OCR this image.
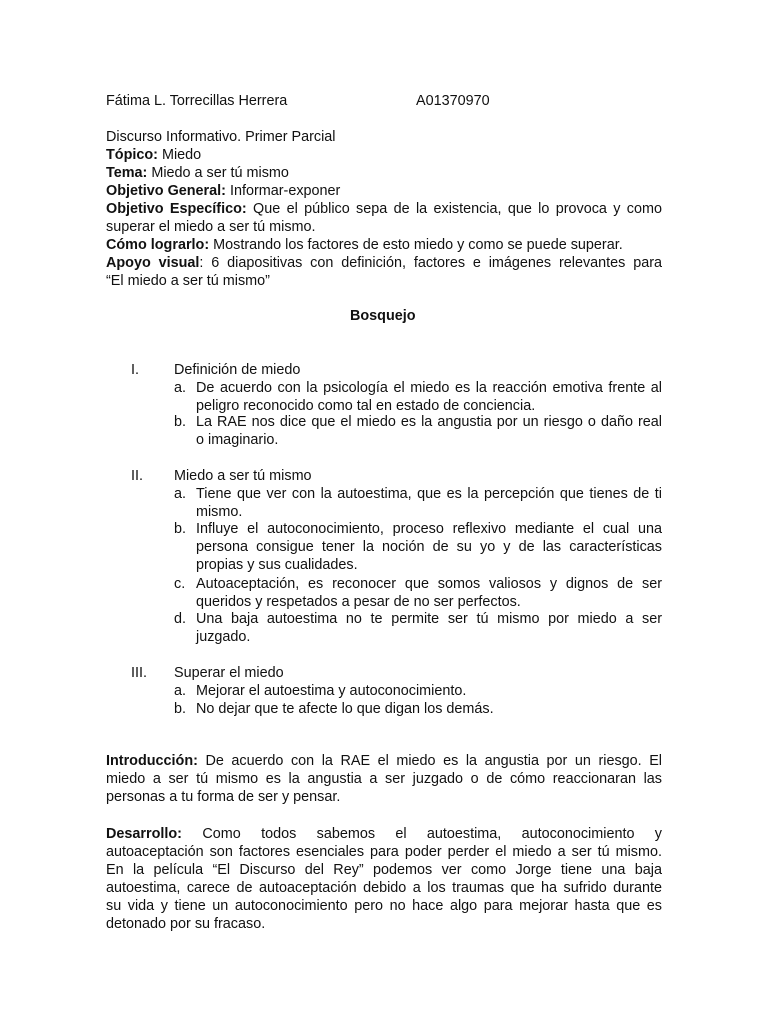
Fátima L. Torrecillas Herrera	A01370970
Discurso Informativo. Primer Parcial
Tópico: Miedo
Tema: Miedo a ser tú mismo
Objetivo General: Informar-exponer
Objetivo Específico: Que el público sepa de la existencia, que lo provoca y como
superar el miedo a ser tú mismo.
Cómo lograrlo: Mostrando los factores de esto miedo y como se puede superar.
Apoyo visual: 6 diapositivas con definición, factores e imágenes relevantes para
“El miedo a ser tú mismo”
Bosquejo
I. Definición de miedo
a. De acuerdo con la psicología el miedo es la reacción emotiva frente al
peligro reconocido como tal en estado de conciencia.
b. La RAE nos dice que el miedo es la angustia por un riesgo o daño real
o imaginario.
II. Miedo a ser tú mismo
a. Tiene que ver con la autoestima, que es la percepción que tienes de ti
mismo.
b. Influye el autoconocimiento, proceso reflexivo mediante el cual una
persona consigue tener la noción de su yo y de las características
propias y sus cualidades.
c. Autoaceptación, es reconocer que somos valiosos y dignos de ser
queridos y respetados a pesar de no ser perfectos.
d. Una baja autoestima no te permite ser tú mismo por miedo a ser
juzgado.
III. Superar el miedo
a. Mejorar el autoestima y autoconocimiento.
b. No dejar que te afecte lo que digan los demás.
Introducción: De acuerdo con la RAE el miedo es la angustia por un riesgo. El
miedo a ser tú mismo es la angustia a ser juzgado o de cómo reaccionaran las
personas a tu forma de ser y pensar.
Desarrollo: Como todos sabemos el autoestima, autoconocimiento y
autoaceptación son factores esenciales para poder perder el miedo a ser tú mismo.
En la película “El Discurso del Rey” podemos ver como Jorge tiene una baja
autoestima, carece de autoaceptación debido a los traumas que ha sufrido durante
su vida y tiene un autoconocimiento pero no hace algo para mejorar hasta que es
detonado por su fracaso.
